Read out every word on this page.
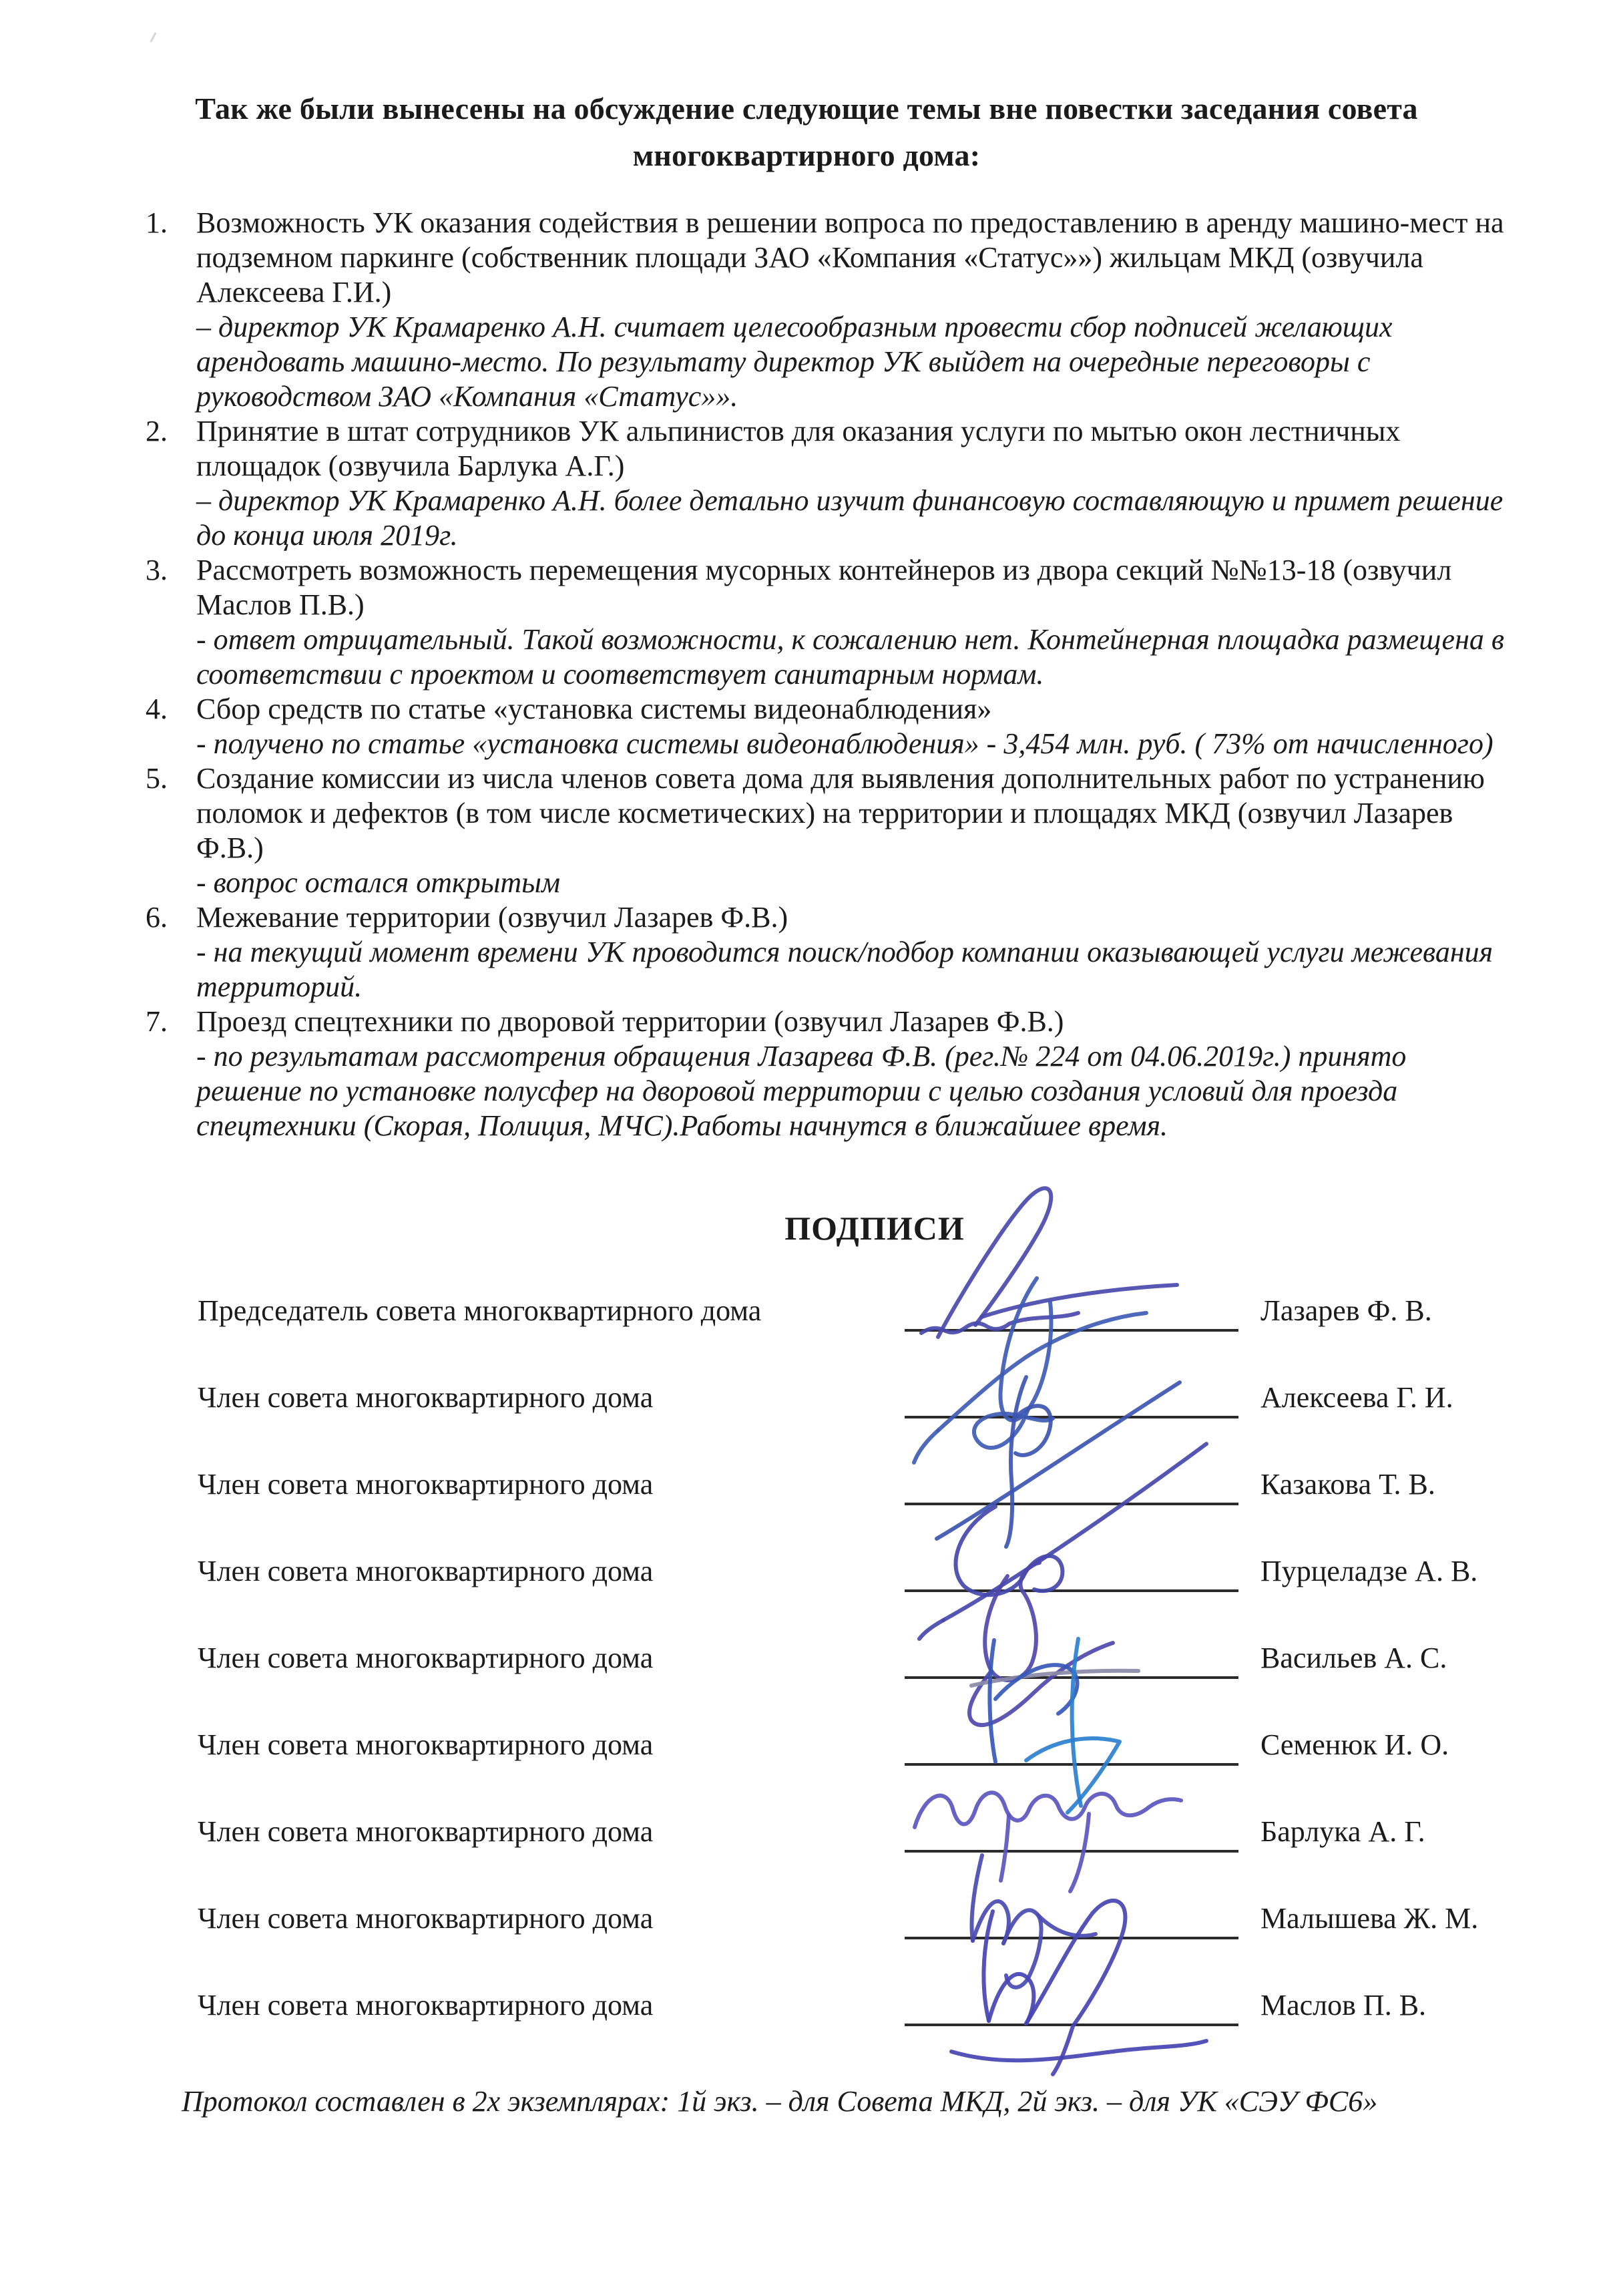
Так же были вынесены на обсуждение следующие темы вне повестки заседания совета
многоквартирного дома:
1. Возможность УК оказания содействия в решении вопроса по предоставлению в аренду машино-мест на подземном паркинге (собственник площади ЗАО «Компания «Статус»») жильцам МКД (озвучила Алексеева Г.И.)
– директор УК Крамаренко А.Н. считает целесообразным провести сбор подписей желающих арендовать машино-место. По результату директор УК выйдет на очередные переговоры с руководством ЗАО «Компания «Статус»».
2. Принятие в штат сотрудников УК альпинистов для оказания услуги по мытью окон лестничных площадок (озвучила Барлука А.Г.)
– директор УК Крамаренко А.Н. более детально изучит финансовую составляющую и примет решение до конца июля 2019г.
3. Рассмотреть возможность перемещения мусорных контейнеров из двора секций №№13-18 (озвучил Маслов П.В.)
- ответ отрицательный. Такой возможности, к сожалению нет. Контейнерная площадка размещена в соответствии с проектом и соответствует санитарным нормам.
4. Сбор средств по статье «установка системы видеонаблюдения»
- получено по статье «установка системы видеонаблюдения» - 3,454 млн. руб. ( 73% от начисленного)
5. Создание комиссии из числа членов совета дома для выявления дополнительных работ по устранению поломок и дефектов (в том числе косметических) на территории и площадях МКД (озвучил Лазарев Ф.В.)
- вопрос остался открытым
6. Межевание территории (озвучил Лазарев Ф.В.)
- на текущий момент времени УК проводится поиск/подбор компании оказывающей услуги межевания территорий.
7. Проезд спецтехники по дворовой территории (озвучил Лазарев Ф.В.)
- по результатам рассмотрения обращения Лазарева Ф.В. (рег.№ 224 от 04.06.2019г.) принято решение по установке полусфер на дворовой территории с целью создания условий для проезда спецтехники (Скорая, Полиция, МЧС).Работы начнутся в ближайшее время.
ПОДПИСИ
Председатель совета многоквартирного дома	Лазарев Ф. В.
Член совета многоквартирного дома	Алексеева Г. И.
Член совета многоквартирного дома	Казакова Т. В.
Член совета многоквартирного дома	Пурцеладзе А. В.
Член совета многоквартирного дома	Васильев А. С.
Член совета многоквартирного дома	Семенюк И. О.
Член совета многоквартирного дома	Барлука А. Г.
Член совета многоквартирного дома	Малышева Ж. М.
Член совета многоквартирного дома	Маслов П. В.
Протокол составлен в 2х экземплярах: 1й экз. – для Совета МКД, 2й экз. – для УК «СЭУ ФС6»
